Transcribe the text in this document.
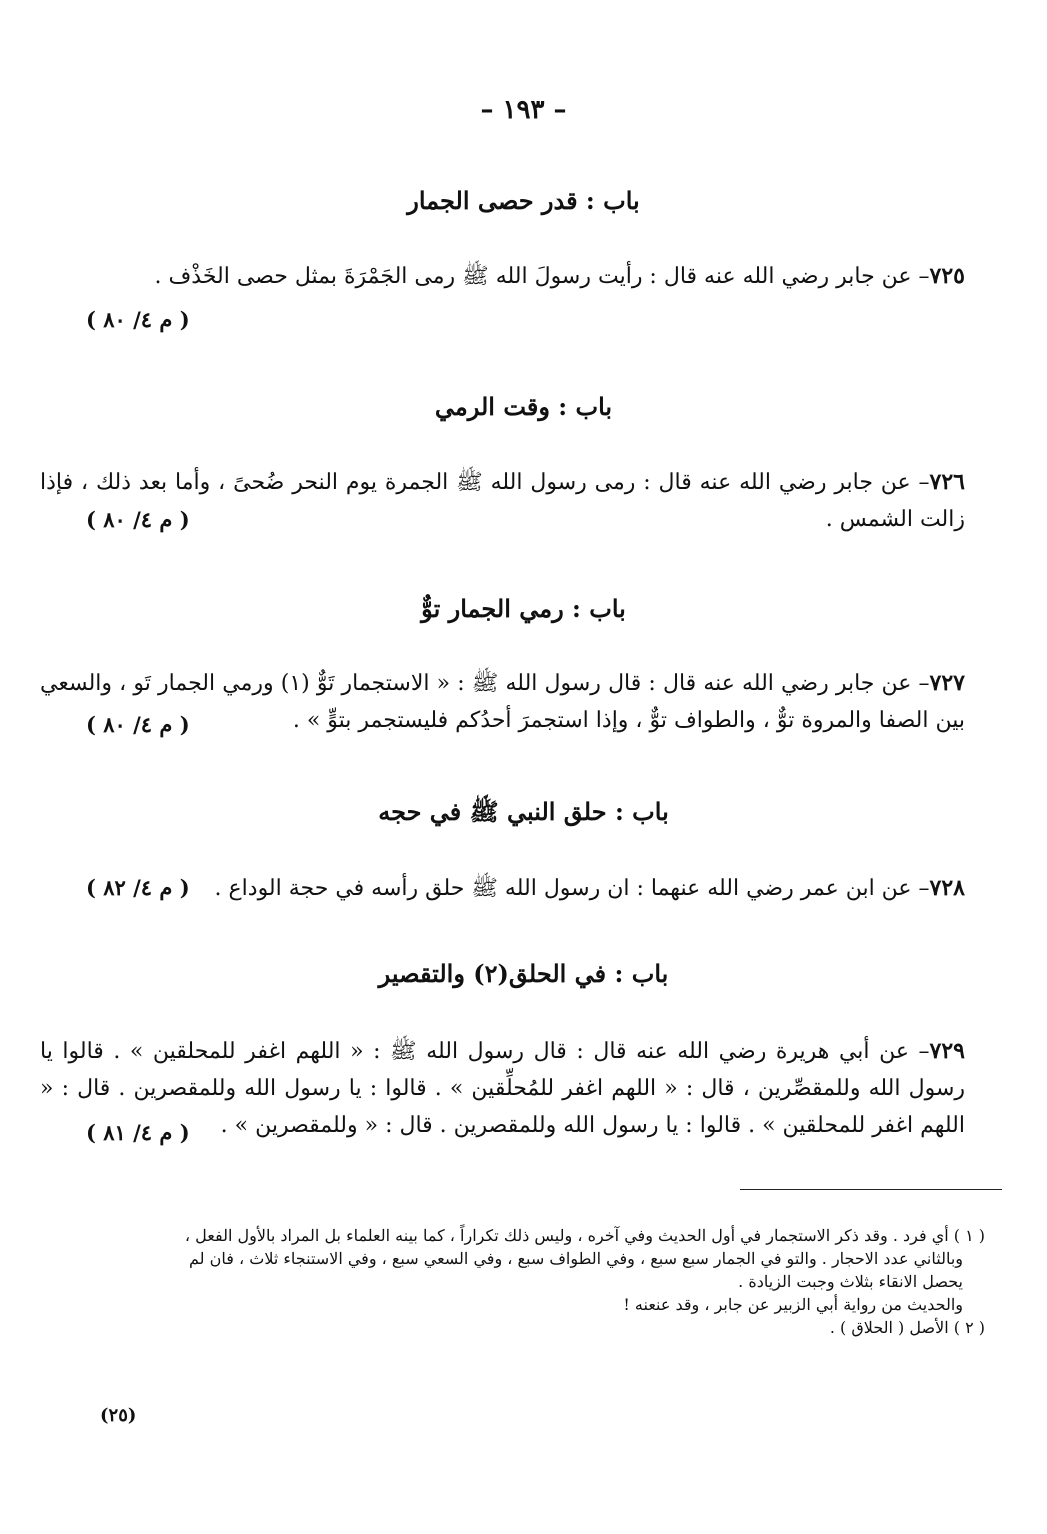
– ١٩٣ –
باب : قدر حصى الجمار
٧٢٥– عن جابر رضي الله عنه قال : رأيت رسولَ الله ﷺ رمى الجَمْرَةَ بمثل حصى الخَذْف .
( م ٤/ ٨٠ )
باب : وقت الرمي
٧٢٦– عن جابر رضي الله عنه قال : رمى رسول الله ﷺ الجمرة يوم النحر ضُحىً ، وأما بعد ذلك ، فإذا زالت الشمس .
( م ٤/ ٨٠ )
باب : رمي الجمار توٌّ
٧٢٧– عن جابر رضي الله عنه قال : قال رسول الله ﷺ : « الاستجمار تَوٌّ (١) ورمي الجمار تَو ، والسعي بين الصفا والمروة توٌّ ، والطواف توٌّ ، وإذا استجمرَ أحدُكم فليستجمر بتوٍّ » .
( م ٤/ ٨٠ )
باب : حلق النبي ﷺ في حجه
٧٢٨– عن ابن عمر رضي الله عنهما : ان رسول الله ﷺ حلق رأسه في حجة الوداع .
( م ٤/ ٨٢ )
باب : في الحلق(٢) والتقصير
٧٢٩– عن أبي هريرة رضي الله عنه قال : قال رسول الله ﷺ : « اللهم اغفر للمحلقين » . قالوا يا رسول الله وللمقصِّرين ، قال : « اللهم اغفر للمُحلِّقين » . قالوا : يا رسول الله وللمقصرين . قال : « اللهم اغفر للمحلقين » . قالوا : يا رسول الله وللمقصرين . قال : « وللمقصرين » .
( م ٤/ ٨١ )

( ١ ) أي فرد . وقد ذكر الاستجمار في أول الحديث وفي آخره ، وليس ذلك تكراراً ، كما بينه العلماء بل المراد بالأول الفعل ،

وبالثاني عدد الاحجار . والتو في الجمار سبع سبع ، وفي الطواف سبع ، وفي السعي سبع ، وفي الاستنجاء ثلاث ، فان لم

يحصل الانقاء بثلاث وجبت الزيادة .

والحديث من رواية أبي الزبير عن جابر ، وقد عنعنه !

( ٢ ) الأصل ( الحلاق ) .

(٢٥)
